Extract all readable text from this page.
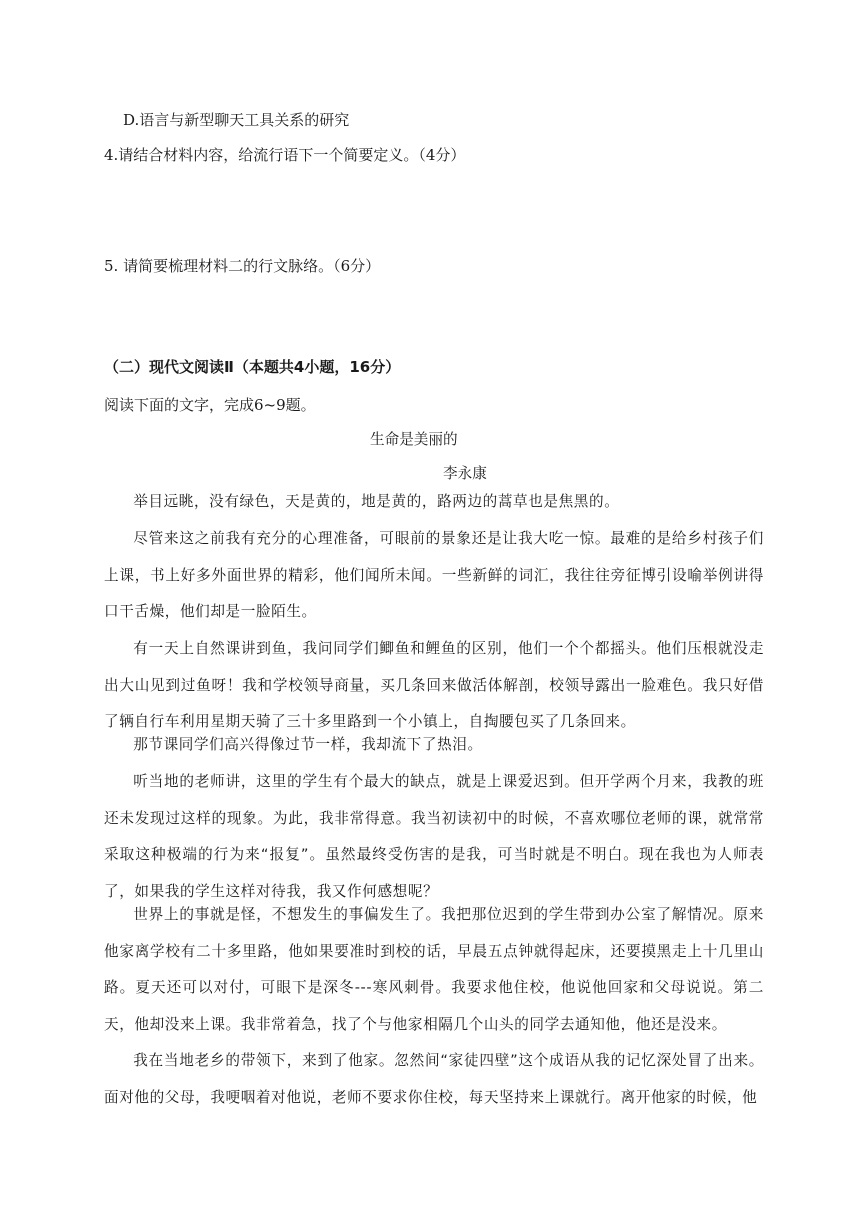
D.语言与新型聊天工具关系的研究
4.请结合材料内容，给流行语下一个简要定义。（4分）
5. 请简要梳理材料二的行文脉络。（6分）
（二）现代文阅读Ⅱ（本题共4小题，16分）
阅读下面的文字，完成6~9题。
生命是美丽的
李永康
举目远眺，没有绿色，天是黄的，地是黄的，路两边的蒿草也是焦黑的。
尽管来这之前我有充分的心理准备，可眼前的景象还是让我大吃一惊。最难的是给乡村孩子们上课，书上好多外面世界的精彩，他们闻所未闻。一些新鲜的词汇，我往往旁征博引设喻举例讲得口干舌燥，他们却是一脸陌生。
有一天上自然课讲到鱼，我问同学们鲫鱼和鲤鱼的区别，他们一个个都摇头。他们压根就没走出大山见到过鱼呀！我和学校领导商量，买几条回来做活体解剖，校领导露出一脸难色。我只好借了辆自行车利用星期天骑了三十多里路到一个小镇上，自掏腰包买了几条回来。
那节课同学们高兴得像过节一样，我却流下了热泪。
听当地的老师讲，这里的学生有个最大的缺点，就是上课爱迟到。但开学两个月来，我教的班还未发现过这样的现象。为此，我非常得意。我当初读初中的时候，不喜欢哪位老师的课，就常常采取这种极端的行为来“报复”。虽然最终受伤害的是我，可当时就是不明白。现在我也为人师表了，如果我的学生这样对待我，我又作何感想呢？
世界上的事就是怪，不想发生的事偏发生了。我把那位迟到的学生带到办公室了解情况。原来他家离学校有二十多里路，他如果要准时到校的话，早晨五点钟就得起床，还要摸黑走上十几里山路。夏天还可以对付，可眼下是深冬---寒风刺骨。我要求他住校，他说他回家和父母说说。第二天，他却没来上课。我非常着急，找了个与他家相隔几个山头的同学去通知他，他还是没来。
我在当地老乡的带领下，来到了他家。忽然间“家徒四壁”这个成语从我的记忆深处冒了出来。面对他的父母，我哽咽着对他说，老师不要求你住校，每天坚持来上课就行。离开他家的时候，他
